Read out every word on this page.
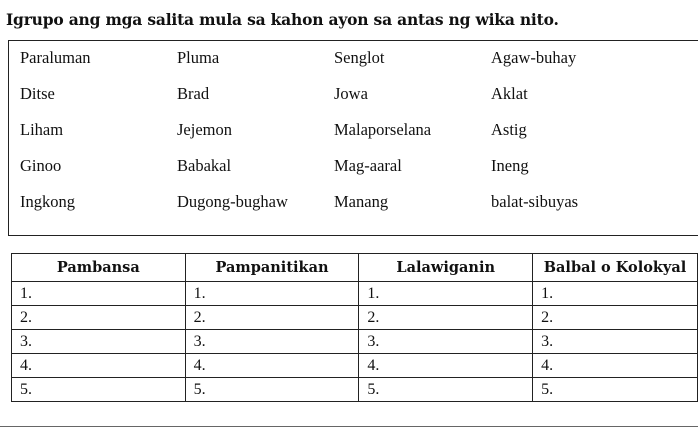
Igrupo ang mga salita mula sa kahon ayon sa antas ng wika nito.
Paraluman	Pluma	Senglot	Agaw-buhay
Ditse	Brad	Jowa	Aklat
Liham	Jejemon	Malaporselana	Astig
Ginoo	Babakal	Mag-aaral	Ineng
Ingkong	Dugong-bughaw	Manang	balat-sibuyas
Pambansa	Pampanitikan	Lalawiganin	Balbal o Kolokyal
1.	1.	1.	1.
2.	2.	2.	2.
3.	3.	3.	3.
4.	4.	4.	4.
5.	5.	5.	5.
